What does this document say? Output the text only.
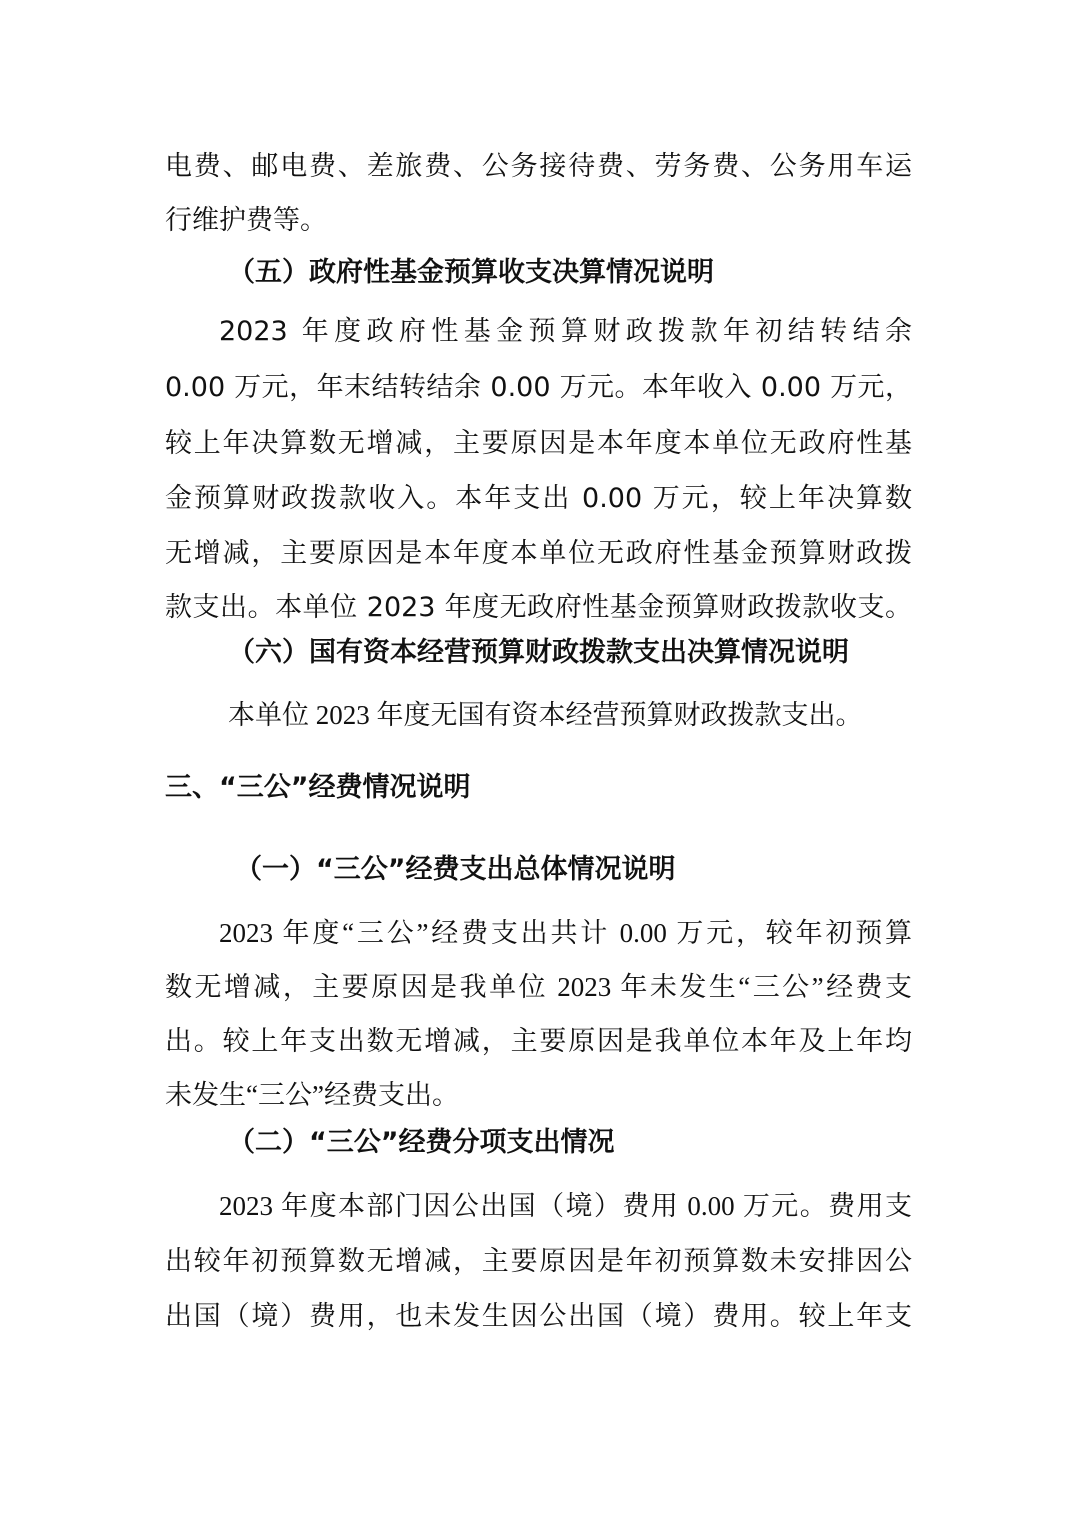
电费、邮电费、差旅费、公务接待费、劳务费、公务用车运

行维护费等。

（五）政府性基金预算收支决算情况说明

2023 年度政府性基金预算财政拨款年初结转结余

0.00 万元，年末结转结余 0.00 万元。本年收入 0.00 万元，

较上年决算数无增减，主要原因是本年度本单位无政府性基

金预算财政拨款收入。本年支出 0.00 万元，较上年决算数

无增减，主要原因是本年度本单位无政府性基金预算财政拨

款支出。本单位 2023 年度无政府性基金预算财政拨款收支。

（六）国有资本经营预算财政拨款支出决算情况说明

本单位 2023 年度无国有资本经营预算财政拨款支出。

三、“三公”经费情况说明

（一）“三公”经费支出总体情况说明

2023 年度“三公”经费支出共计 0.00 万元，较年初预算

数无增减，主要原因是我单位 2023 年未发生“三公”经费支

出。较上年支出数无增减，主要原因是我单位本年及上年均

未发生“三公”经费支出。

（二）“三公”经费分项支出情况

2023 年度本部门因公出国（境）费用 0.00 万元。费用支

出较年初预算数无增减，主要原因是年初预算数未安排因公

出国（境）费用，也未发生因公出国（境）费用。较上年支
